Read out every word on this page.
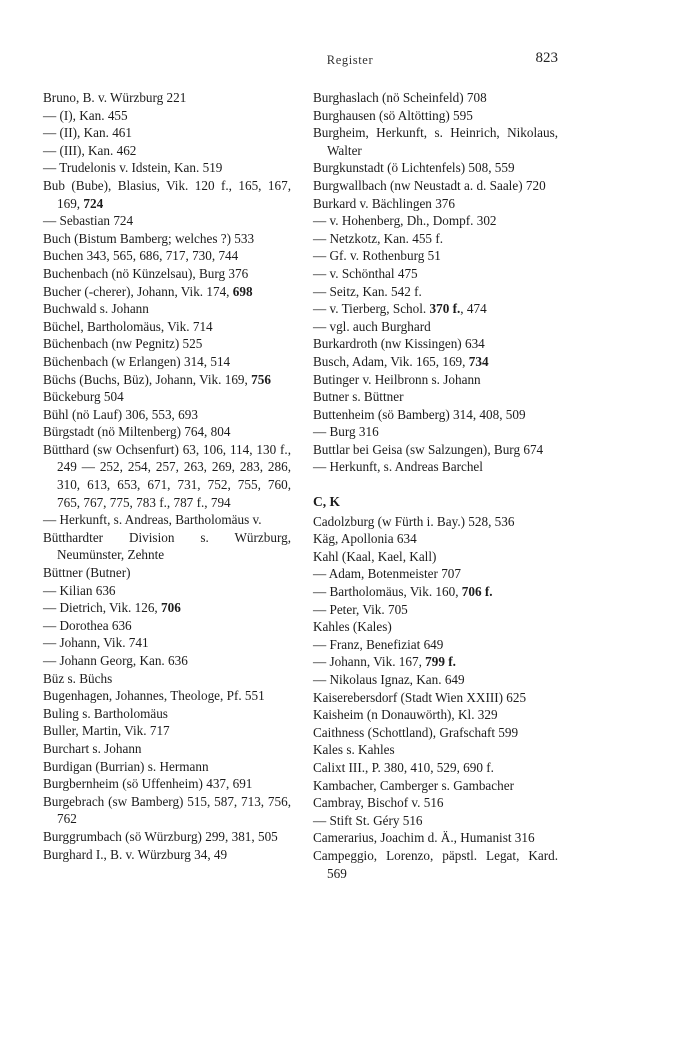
Register	823
Bruno, B. v. Würzburg 221
— (I), Kan. 455
— (II), Kan. 461
— (III), Kan. 462
— Trudelonis v. Idstein, Kan. 519
Bub (Bube), Blasius, Vik. 120 f., 165, 167, 169, 724
— Sebastian 724
Buch (Bistum Bamberg; welches ?) 533
Buchen 343, 565, 686, 717, 730, 744
Buchenbach (nö Künzelsau), Burg 376
Bucher (-cherer), Johann, Vik. 174, 698
Buchwald s. Johann
Büchel, Bartholomäus, Vik. 714
Büchenbach (nw Pegnitz) 525
Büchenbach (w Erlangen) 314, 514
Büchs (Buchs, Büz), Johann, Vik. 169, 756
Bückeburg 504
Bühl (nö Lauf) 306, 553, 693
Bürgstadt (nö Miltenberg) 764, 804
Bütthard (sw Ochsenfurt) 63, 106, 114, 130 f., 249 — 252, 254, 257, 263, 269, 283, 286, 310, 613, 653, 671, 731, 752, 755, 760, 765, 767, 775, 783 f., 787 f., 794
— Herkunft, s. Andreas, Bartholomäus v.
Bütthardter Division s. Würzburg, Neumünster, Zehnte
Büttner (Butner)
— Kilian 636
— Dietrich, Vik. 126, 706
— Dorothea 636
— Johann, Vik. 741
— Johann Georg, Kan. 636
Büz s. Büchs
Bugenhagen, Johannes, Theologe, Pf. 551
Buling s. Bartholomäus
Buller, Martin, Vik. 717
Burchart s. Johann
Burdigan (Burrian) s. Hermann
Burgbernheim (sö Uffenheim) 437, 691
Burgebrach (sw Bamberg) 515, 587, 713, 756, 762
Burggrumbach (sö Würzburg) 299, 381, 505
Burghard I., B. v. Würzburg 34, 49
Burghaslach (nö Scheinfeld) 708
Burghausen (sö Altötting) 595
Burgheim, Herkunft, s. Heinrich, Nikolaus, Walter
Burgkunstadt (ö Lichtenfels) 508, 559
Burgwallbach (nw Neustadt a. d. Saale) 720
Burkard v. Bächlingen 376
— v. Hohenberg, Dh., Dompf. 302
— Netzkotz, Kan. 455 f.
— Gf. v. Rothenburg 51
— v. Schönthal 475
— Seitz, Kan. 542 f.
— v. Tierberg, Schol. 370 f., 474
— vgl. auch Burghard
Burkardroth (nw Kissingen) 634
Busch, Adam, Vik. 165, 169, 734
Butinger v. Heilbronn s. Johann
Butner s. Büttner
Buttenheim (sö Bamberg) 314, 408, 509
— Burg 316
Buttlar bei Geisa (sw Salzungen), Burg 674
— Herkunft, s. Andreas Barchel
C, K
Cadolzburg (w Fürth i. Bay.) 528, 536
Käg, Apollonia 634
Kahl (Kaal, Kael, Kall)
— Adam, Botenmeister 707
— Bartholomäus, Vik. 160, 706 f.
— Peter, Vik. 705
Kahles (Kales)
— Franz, Benefiziat 649
— Johann, Vik. 167, 799 f.
— Nikolaus Ignaz, Kan. 649
Kaiserebersdorf (Stadt Wien XXIII) 625
Kaisheim (n Donauwörth), Kl. 329
Caithness (Schottland), Grafschaft 599
Kales s. Kahles
Calixt III., P. 380, 410, 529, 690 f.
Kambacher, Camberger s. Gambacher
Cambray, Bischof v. 516
— Stift St. Géry 516
Camerarius, Joachim d. Ä., Humanist 316
Campeggio, Lorenzo, päpstl. Legat, Kard. 569
